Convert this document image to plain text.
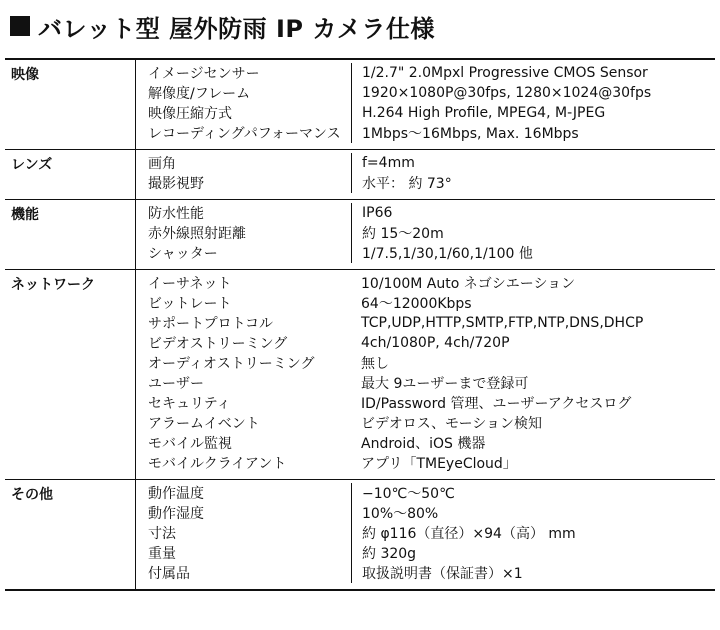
バレット型 屋外防雨 IP カメラ仕様
映像	イメージセンサー	1/2.7" 2.0Mpxl Progressive CMOS Sensor
解像度/フレーム	1920×1080P@30fps, 1280×1024@30fps
映像圧縮方式	H.264 High Profile, MPEG4, M-JPEG
レコーディングパフォーマンス	1Mbps〜16Mbps, Max. 16Mbps
レンズ	画角	f=4mm
撮影視野	水平： 約 73°
機能	防水性能	IP66
赤外線照射距離	約 15〜20m
シャッター	1/7.5,1/30,1/60,1/100 他
ネットワーク	イーサネット	10/100M Auto ネゴシエーション
ビットレート	64〜12000Kbps
サポートプロトコル	TCP,UDP,HTTP,SMTP,FTP,NTP,DNS,DHCP
ビデオストリーミング	4ch/1080P, 4ch/720P
オーディオストリーミング	無し
ユーザー	最大 9ユーザーまで登録可
セキュリティ	ID/Password 管理、ユーザーアクセスログ
アラームイベント	ビデオロス、モーション検知
モバイル監視	Android、iOS 機器
モバイルクライアント	アプリ「TMEyeCloud」
その他	動作温度	−10℃〜50℃
動作湿度	10%〜80%
寸法	約 φ116（直径）×94（高） mm
重量	約 320g
付属品	取扱説明書（保証書）×1
